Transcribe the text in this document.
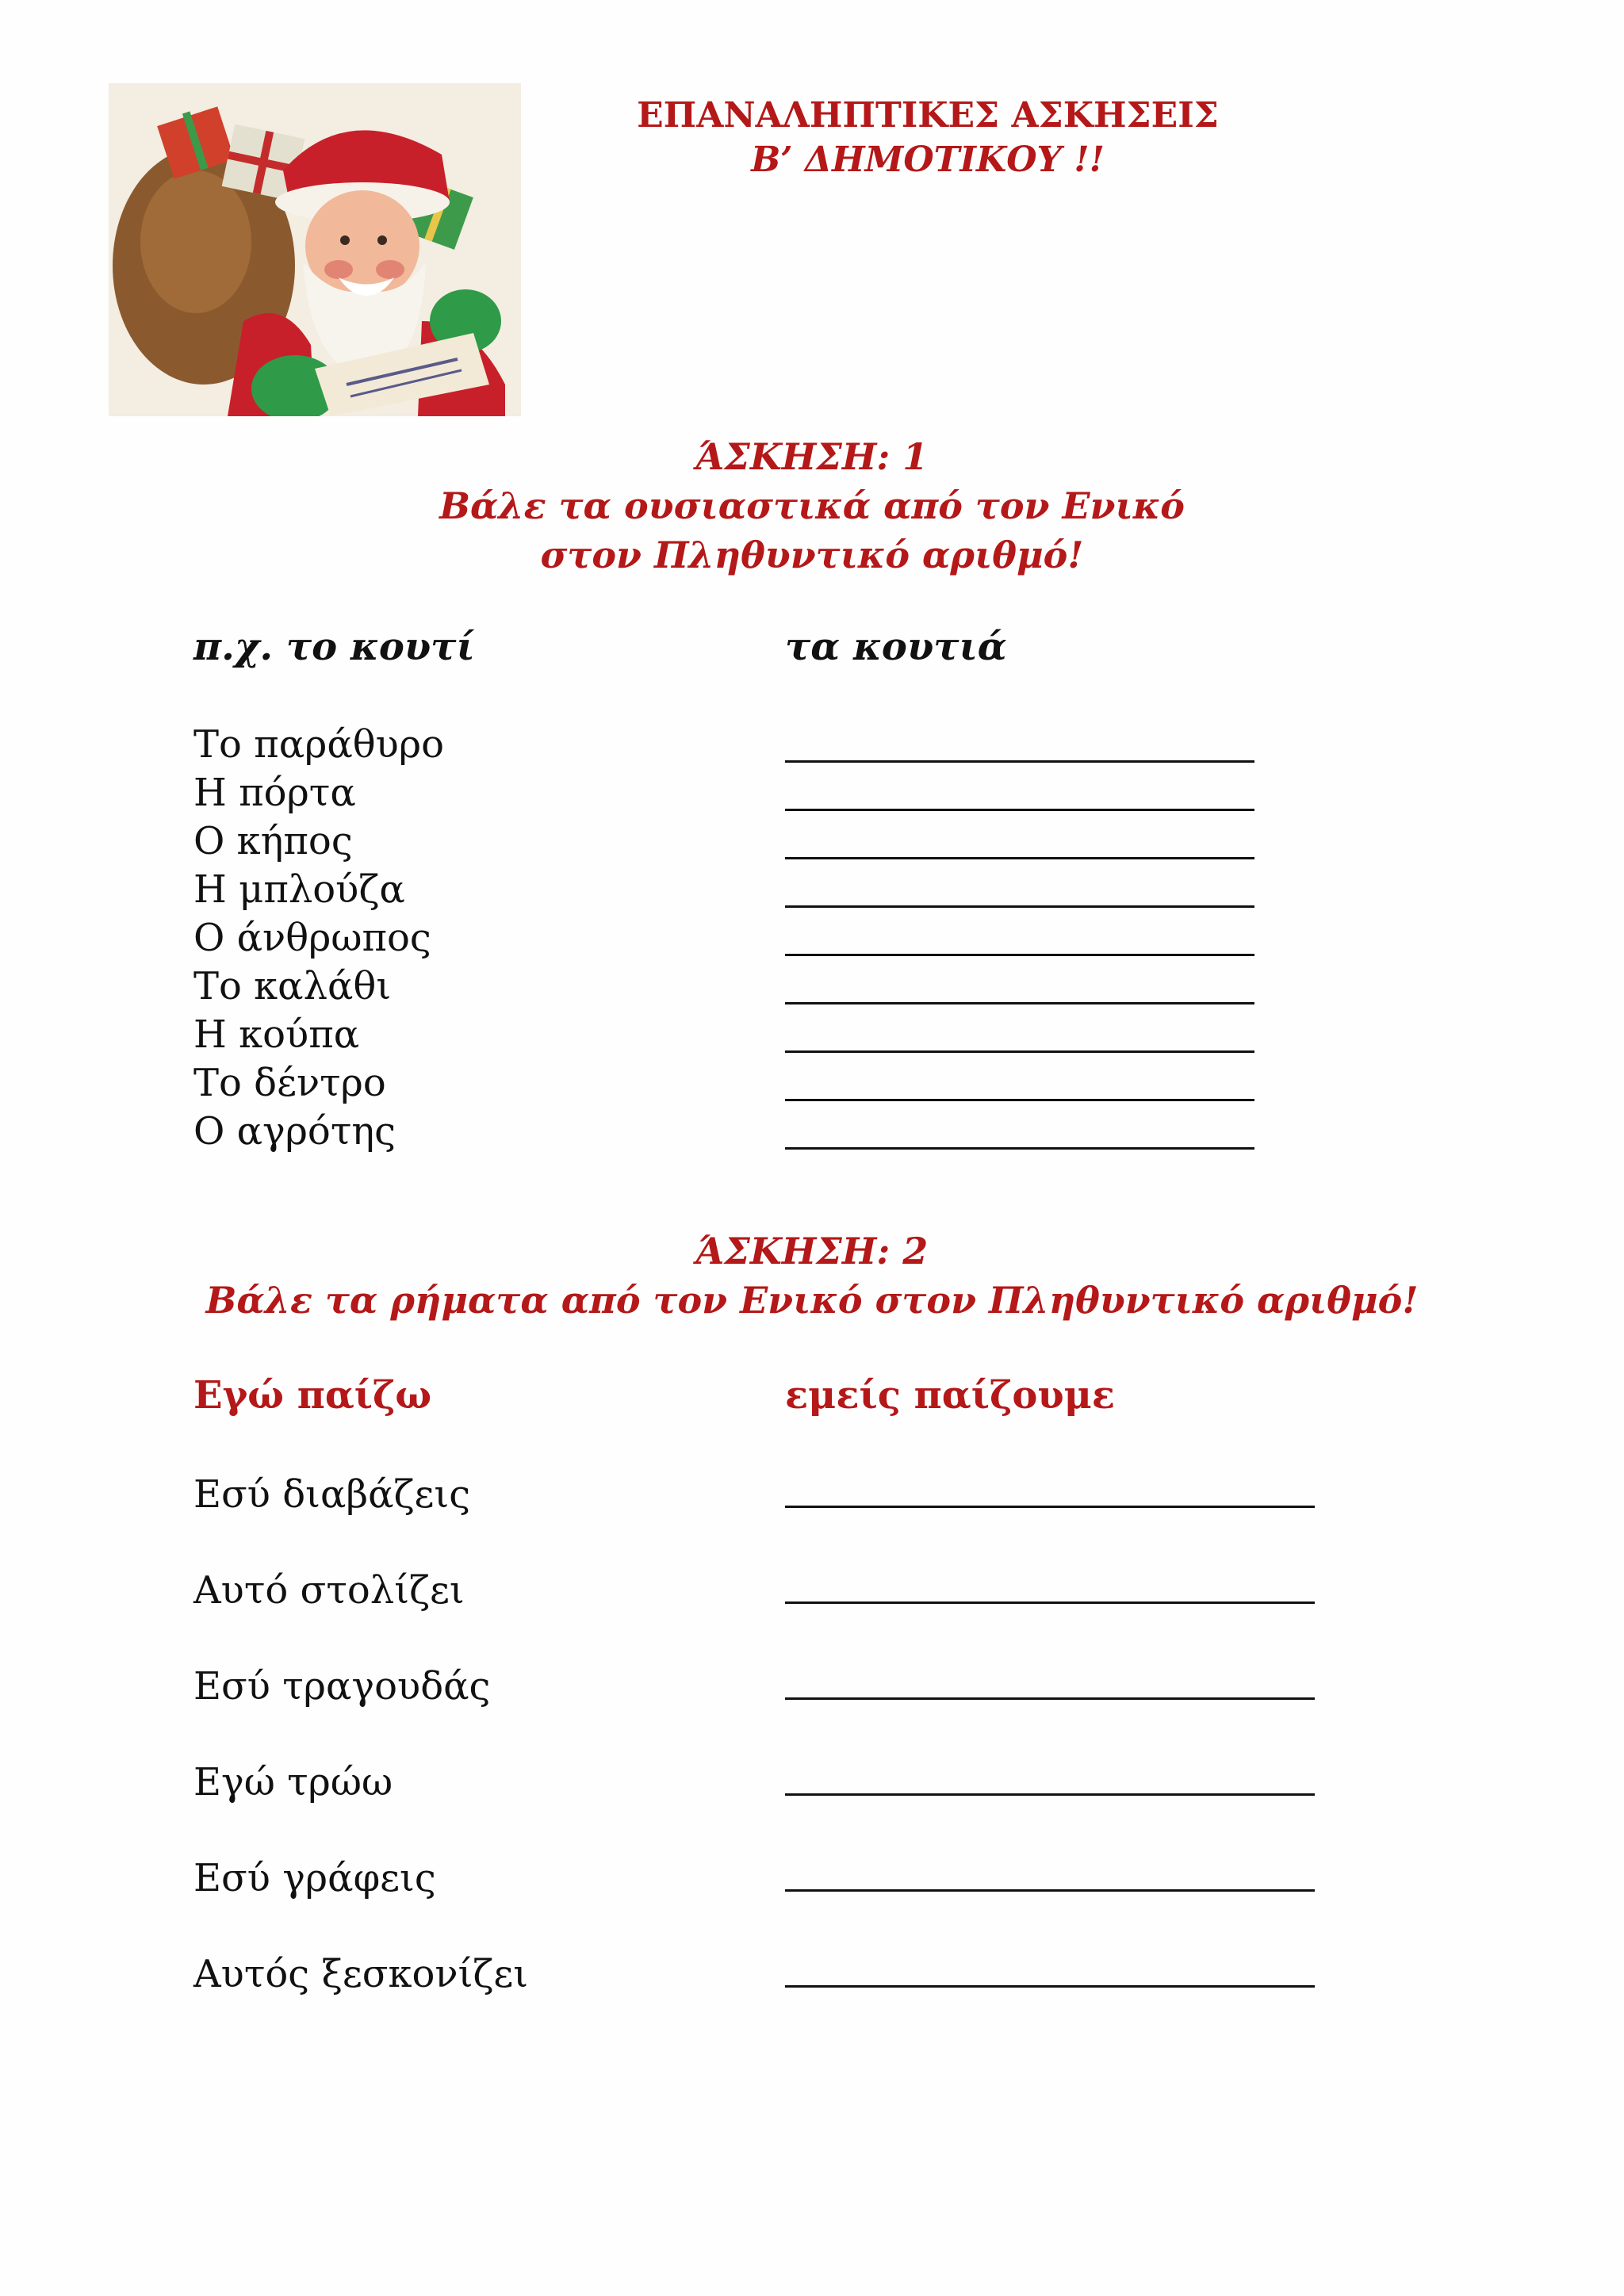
ΕΠΑΝΑΛΗΠΤΙΚΕΣ ΑΣΚΗΣΕΙΣ
Β’ ΔΗΜΟΤΙΚΟΥ !!
ΆΣΚΗΣΗ: 1
Βάλε τα ουσιαστικά από τον Ενικό
στον Πληθυντικό αριθμό!
π.χ. το κουτί	τα κουτιά
Το παράθυρο
Η πόρτα
Ο κήπος
Η μπλούζα
Ο άνθρωπος
Το καλάθι
Η κούπα
Το δέντρο
Ο αγρότης
ΆΣΚΗΣΗ: 2
Βάλε τα ρήματα από τον Ενικό στον Πληθυντικό αριθμό!
Εγώ παίζω	εμείς παίζουμε
Εσύ διαβάζεις
Αυτό στολίζει
Εσύ τραγουδάς
Εγώ τρώω
Εσύ γράφεις
Αυτός ξεσκονίζει
